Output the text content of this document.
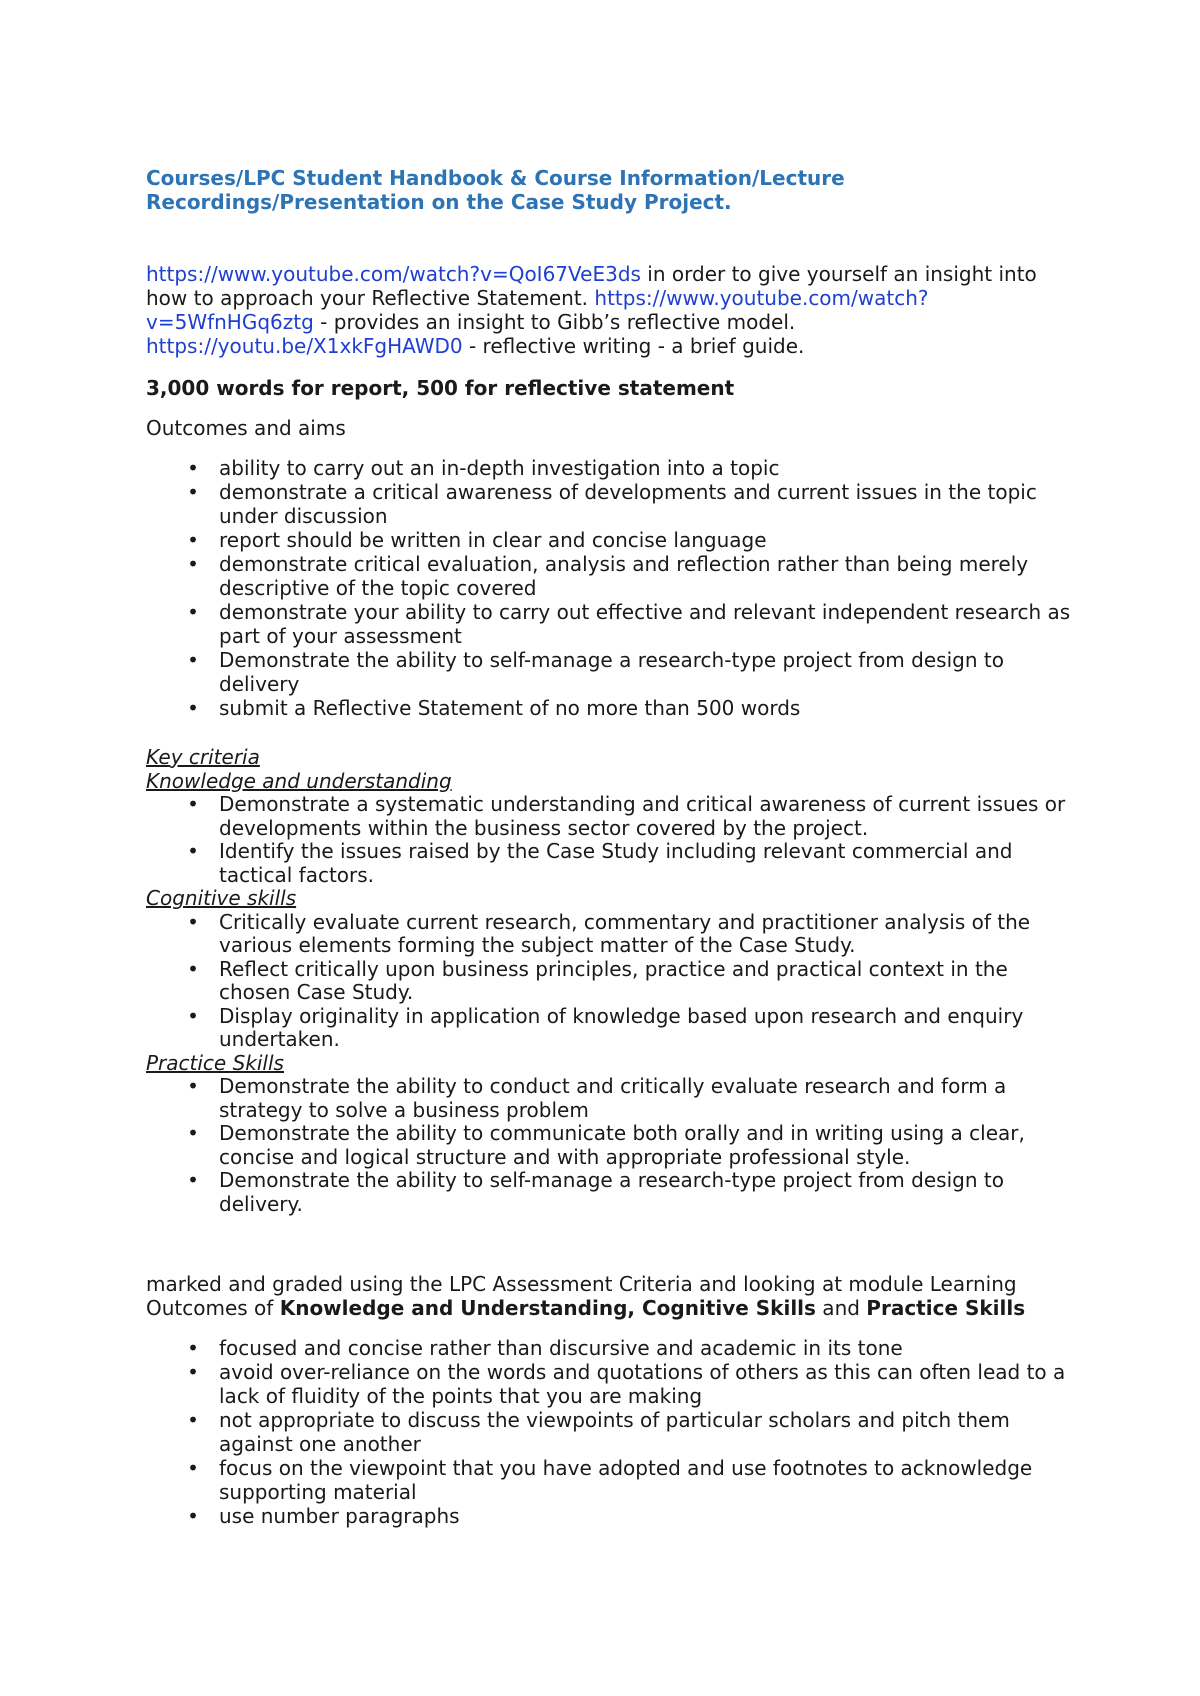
Courses/LPC Student Handbook & Course Information/Lecture
Recordings/Presentation on the Case Study Project.

https://www.youtube.com/watch?v=QoI67VeE3ds in order to give yourself an insight into how to approach your Reflective Statement. https://www.youtube.com/watch?v=5WfnHGq6ztg - provides an insight to Gibb’s reflective model.
https://youtu.be/X1xkFgHAWD0 - reflective writing - a brief guide.

3,000 words for report, 500 for reflective statement

Outcomes and aims

• ability to carry out an in-depth investigation into a topic
• demonstrate a critical awareness of developments and current issues in the topic under discussion
• report should be written in clear and concise language
• demonstrate critical evaluation, analysis and reflection rather than being merely descriptive of the topic covered
• demonstrate your ability to carry out effective and relevant independent research as part of your assessment
• Demonstrate the ability to self-manage a research-type project from design to delivery
• submit a Reflective Statement of no more than 500 words

Key criteria

Knowledge and understanding

• Demonstrate a systematic understanding and critical awareness of current issues or developments within the business sector covered by the project.
• Identify the issues raised by the Case Study including relevant commercial and tactical factors.

Cognitive skills

• Critically evaluate current research, commentary and practitioner analysis of the various elements forming the subject matter of the Case Study.
• Reflect critically upon business principles, practice and practical context in the chosen Case Study.
• Display originality in application of knowledge based upon research and enquiry undertaken.

Practice Skills

• Demonstrate the ability to conduct and critically evaluate research and form a strategy to solve a business problem
• Demonstrate the ability to communicate both orally and in writing using a clear, concise and logical structure and with appropriate professional style.
• Demonstrate the ability to self-manage a research-type project from design to delivery.

marked and graded using the LPC Assessment Criteria and looking at module Learning Outcomes of Knowledge and Understanding, Cognitive Skills and Practice Skills

• focused and concise rather than discursive and academic in its tone
• avoid over-reliance on the words and quotations of others as this can often lead to a lack of fluidity of the points that you are making
• not appropriate to discuss the viewpoints of particular scholars and pitch them against one another
• focus on the viewpoint that you have adopted and use footnotes to acknowledge supporting material
• use number paragraphs
